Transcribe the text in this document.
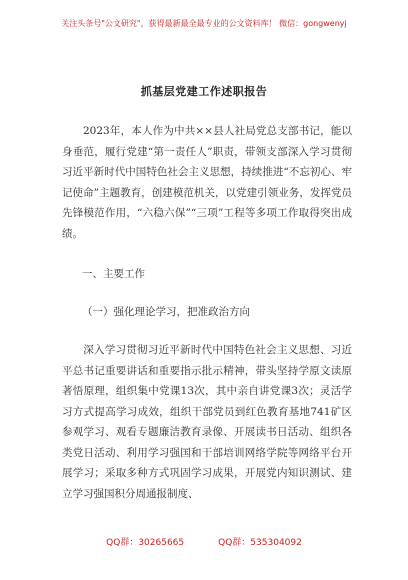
关注头条号"公文研究"，获得最新最全最专业的公文资料库！ 微信：gongwenyj
抓基层党建工作述职报告

2023年，本人作为中共××县人社局党总支部书记，能以身垂范，履行党建“第一责任人”职责，带领支部深入学习贯彻习近平新时代中国特色社会主义思想，持续推进“不忘初心、牢记使命”主题教育，创建模范机关，以党建引领业务，发挥党员先锋模范作用，“六稳六保”“三项”工程等多项工作取得突出成绩。

一、主要工作
（一）强化理论学习，把准政治方向

深入学习贯彻习近平新时代中国特色社会主义思想、习近平总书记重要讲话和重要指示批示精神，带头坚持学原文读原著悟原理，组织集中党课13次，其中亲自讲党课3次；灵活学习方式提高学习成效，组织干部党员到红色教育基地741矿区参观学习、观看专题廉洁教育录像、开展读书日活动、组织各类党日活动、利用学习强国和干部培训网络学院等网络平台开展学习；采取多种方式巩固学习成果，开展党内知识测试、建立学习强国积分周通报制度、

QQ群：30265665	QQ群：535304092
